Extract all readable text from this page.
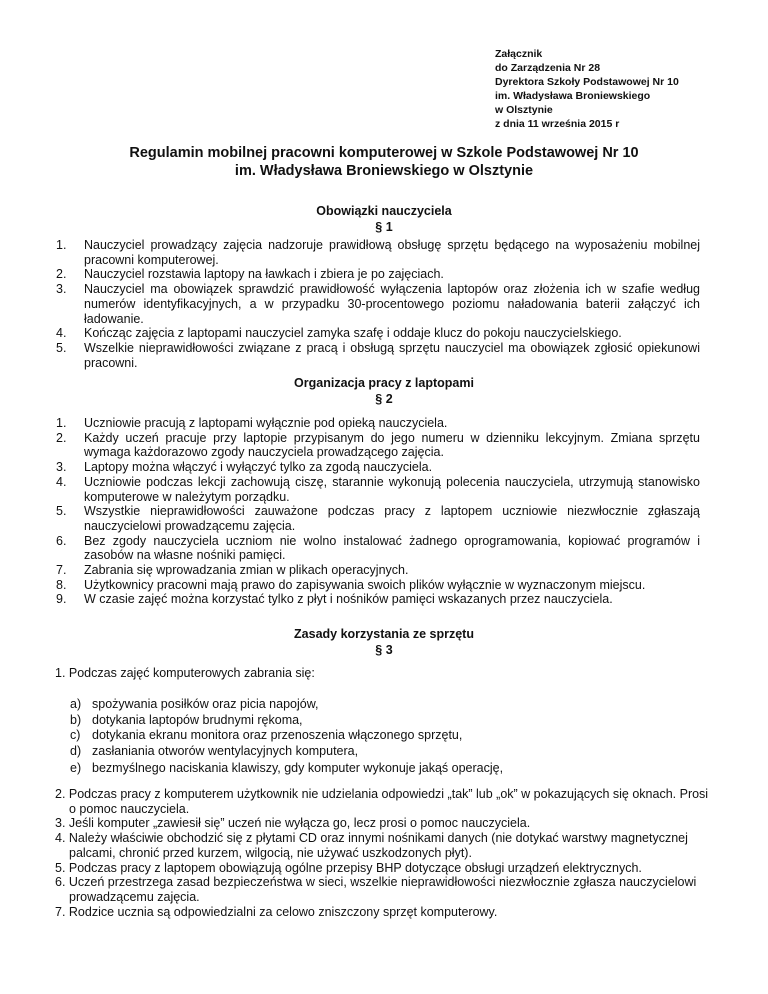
Załącznik
do Zarządzenia Nr 28
Dyrektora Szkoły Podstawowej Nr 10
im. Władysława Broniewskiego
w Olsztynie
z dnia 11 września 2015 r
Regulamin mobilnej pracowni komputerowej w Szkole Podstawowej Nr 10
im. Władysława Broniewskiego w Olsztynie
Obowiązki nauczyciela
§ 1
1. Nauczyciel prowadzący zajęcia nadzoruje prawidłową obsługę sprzętu będącego na wyposażeniu mobilnej pracowni komputerowej.
2. Nauczyciel rozstawia laptopy na ławkach i zbiera je po zajęciach.
3. Nauczyciel ma obowiązek sprawdzić prawidłowość wyłączenia laptopów oraz złożenia ich w szafie według numerów identyfikacyjnych, a w przypadku 30-procentowego poziomu naładowania baterii załączyć ich ładowanie.
4. Kończąc zajęcia z laptopami nauczyciel zamyka szafę i oddaje klucz do pokoju nauczycielskiego.
5. Wszelkie nieprawidłowości związane z pracą i obsługą sprzętu nauczyciel ma obowiązek zgłosić opiekunowi pracowni.
Organizacja pracy z laptopami
§ 2
1. Uczniowie pracują z laptopami wyłącznie pod opieką nauczyciela.
2. Każdy uczeń pracuje przy laptopie przypisanym do jego numeru w dzienniku lekcyjnym. Zmiana sprzętu wymaga każdorazowo zgody nauczyciela prowadzącego zajęcia.
3. Laptopy można włączyć i wyłączyć tylko za zgodą nauczyciela.
4. Uczniowie podczas lekcji zachowują ciszę, starannie wykonują polecenia nauczyciela, utrzymują stanowisko komputerowe w należytym porządku.
5. Wszystkie nieprawidłowości zauważone podczas pracy z laptopem uczniowie niezwłocznie zgłaszają nauczycielowi prowadzącemu zajęcia.
6. Bez zgody nauczyciela uczniom nie wolno instalować żadnego oprogramowania, kopiować programów i zasobów na własne nośniki pamięci.
7. Zabrania się wprowadzania zmian w plikach operacyjnych.
8. Użytkownicy pracowni mają prawo do zapisywania swoich plików wyłącznie w wyznaczonym miejscu.
9. W czasie zajęć można korzystać tylko z płyt i nośników pamięci wskazanych przez nauczyciela.
Zasady korzystania ze sprzętu
§ 3
1. Podczas zajęć komputerowych zabrania się:
a) spożywania posiłków oraz picia napojów,
b) dotykania laptopów brudnymi rękoma,
c) dotykania ekranu monitora oraz przenoszenia włączonego sprzętu,
d) zasłaniania otworów wentylacyjnych komputera,
e) bezmyślnego naciskania klawiszy, gdy komputer wykonuje jakąś operację,
2. Podczas pracy z komputerem użytkownik nie udzielania odpowiedzi „tak” lub „ok” w pokazujących się oknach. Prosi o pomoc nauczyciela.
3. Jeśli komputer „zawiesił się” uczeń nie wyłącza go, lecz prosi o pomoc nauczyciela.
4. Należy właściwie obchodzić się z płytami CD oraz innymi nośnikami danych (nie dotykać warstwy magnetycznej palcami, chronić przed kurzem, wilgocią, nie używać uszkodzonych płyt).
5. Podczas pracy z laptopem obowiązują ogólne przepisy BHP dotyczące obsługi urządzeń elektrycznych.
6. Uczeń przestrzega zasad bezpieczeństwa w sieci, wszelkie nieprawidłowości niezwłocznie zgłasza nauczycielowi prowadzącemu zajęcia.
7. Rodzice ucznia są odpowiedzialni za celowo zniszczony sprzęt komputerowy.
